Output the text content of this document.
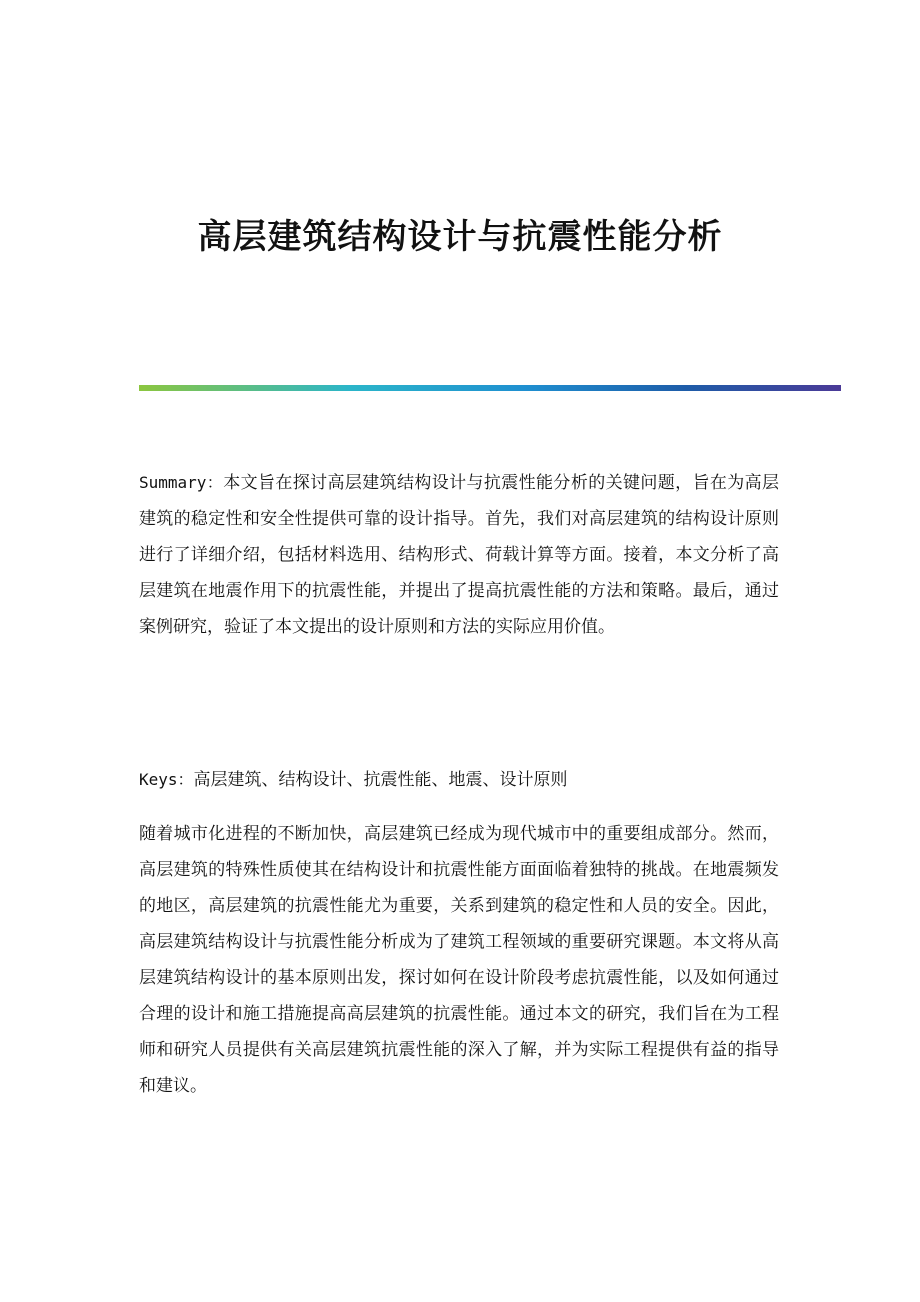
高层建筑结构设计与抗震性能分析

Summary：本文旨在探讨高层建筑结构设计与抗震性能分析的关键问题，旨在为高层建筑的稳定性和安全性提供可靠的设计指导。首先，我们对高层建筑的结构设计原则进行了详细介绍，包括材料选用、结构形式、荷载计算等方面。接着，本文分析了高层建筑在地震作用下的抗震性能，并提出了提高抗震性能的方法和策略。最后，通过案例研究，验证了本文提出的设计原则和方法的实际应用价值。

Keys：高层建筑、结构设计、抗震性能、地震、设计原则

随着城市化进程的不断加快，高层建筑已经成为现代城市中的重要组成部分。然而，高层建筑的特殊性质使其在结构设计和抗震性能方面面临着独特的挑战。在地震频发的地区，高层建筑的抗震性能尤为重要，关系到建筑的稳定性和人员的安全。因此，高层建筑结构设计与抗震性能分析成为了建筑工程领域的重要研究课题。本文将从高层建筑结构设计的基本原则出发，探讨如何在设计阶段考虑抗震性能，以及如何通过合理的设计和施工措施提高高层建筑的抗震性能。通过本文的研究，我们旨在为工程师和研究人员提供有关高层建筑抗震性能的深入了解，并为实际工程提供有益的指导和建议。
